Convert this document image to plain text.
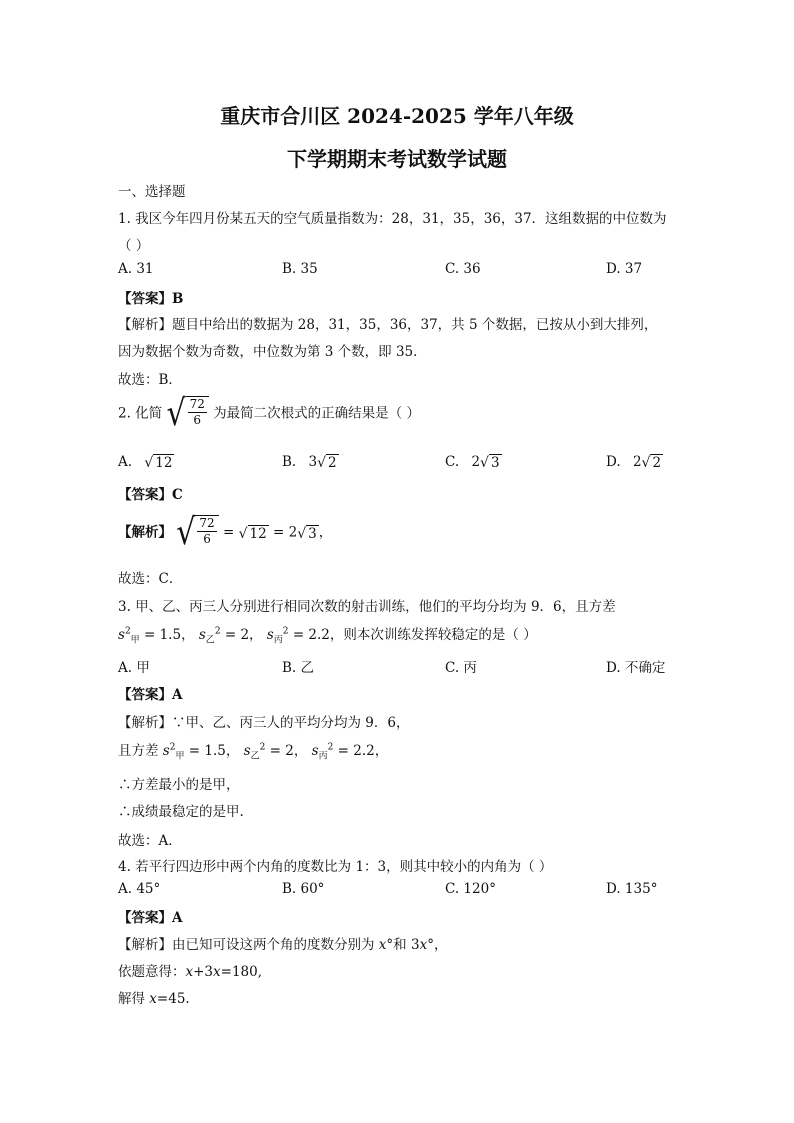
重庆市合川区 2024-2025 学年八年级
下学期期末考试数学试题
一、选择题
1. 我区今年四月份某五天的空气质量指数为：28，31，35，36，37．这组数据的中位数为
（ ）
A. 31	B. 35	C. 36	D. 37
【答案】B
【解析】题目中给出的数据为 28，31，35，36，37，共 5 个数据，已按从小到大排列，
因为数据个数为奇数，中位数为第 3 个数，即 35．
故选：B．
2. 化简 √ $\frac{72}{6}$ 为最简二次根式的正确结果是（ ）
A. √ 12	B. 3 √ 2	C. 2 √ 3	D. 2 √ 2
【答案】C
【解析】 √ $\frac{72}{6}$ = √ 12 = 2 √ 3 ，
故选：C．
3. 甲、乙、丙三人分别进行相同次数的射击训练，他们的平均分均为 9．6，且方差
$s^2_甲 = 1.5$， $s_乙^2 = 2$， $s_丙^2 = 2.2$，则本次训练发挥较稳定的是（ ）
A. 甲	B. 乙	C. 丙	D. 不确定
【答案】A
【解析】∵甲、乙、丙三人的平均分均为 9．6，
且方差 $s^2_甲 = 1.5$， $s_乙^2 = 2$， $s_丙^2 = 2.2$，
∴方差最小的是甲，
∴成绩最稳定的是甲.
故选：A．
4. 若平行四边形中两个内角的度数比为 1：3，则其中较小的内角为（ ）
A. 45°	B. 60°	C. 120°	D. 135°
【答案】A
【解析】由已知可设这两个角的度数分别为 x°和 3x°，
依题意得：x+3x=180,
解得 x=45.
